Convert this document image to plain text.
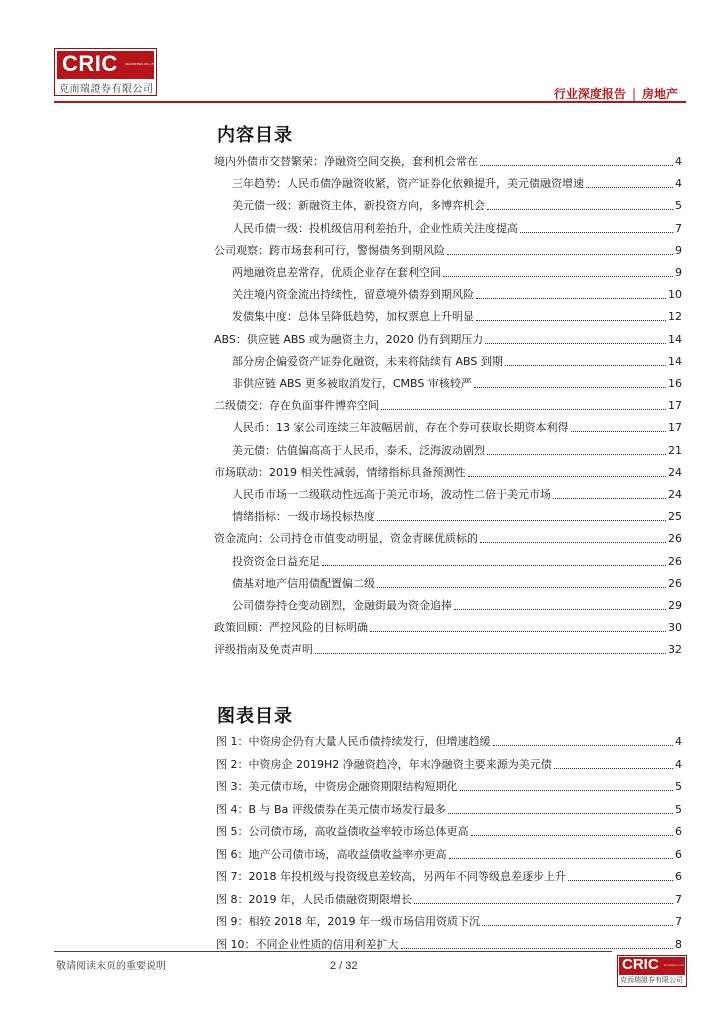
CRIC SECURITIES CO.,LTD
克而瑞證券有限公司	行业深度报告 | 房地产
内容目录
境内外债市交替繁荣：净融资空间交换，套利机会常在	4
三年趋势：人民币债净融资收紧，资产证券化依赖提升，美元债融资增速	4
美元债一级：新融资主体，新投资方向，多博弈机会	5
人民币债一级：投机级信用利差抬升，企业性质关注度提高	7
公司观察：跨市场套利可行，警惕债务到期风险	9
两地融资息差常存，优质企业存在套利空间	9
关注境内资金流出持续性，留意境外债券到期风险	10
发债集中度：总体呈降低趋势，加权票息上升明显	12
ABS：供应链 ABS 或为融资主力，2020 仍有到期压力	14
部分房企偏爱资产证券化融资，未来将陆续有 ABS 到期	14
非供应链 ABS 更多被取消发行，CMBS 审核较严	16
二级债交：存在负面事件博弈空间	17
人民币：13 家公司连续三年波幅居前，存在个券可获取长期资本利得	17
美元债：估值偏高高于人民币，泰禾、泛海波动剧烈	21
市场联动：2019 相关性减弱，情绪指标具备预测性	24
人民币市场一二级联动性远高于美元市场，波动性二倍于美元市场	24
情绪指标：一级市场投标热度	25
资金流向：公司持仓市值变动明显，资金青睐优质标的	26
投资资金日益充足	26
债基对地产信用债配置偏二级	26
公司债券持仓变动剧烈，金融街最为资金追捧	29
政策回顾：严控风险的目标明确	30
评级指南及免责声明	32
图表目录
图 1：中资房企仍有大量人民币债持续发行，但增速趋缓	4
图 2：中资房企 2019H2 净融资趋冷，年末净融资主要来源为美元债	4
图 3：美元债市场，中资房企融资期限结构短期化	5
图 4：B 与 Ba 评级债券在美元债市场发行最多	5
图 5：公司债市场，高收益债收益率较市场总体更高	6
图 6：地产公司债市场，高收益债收益率亦更高	6
图 7：2018 年投机级与投资级息差较高，另两年不同等级息差逐步上升	6
图 8：2019 年，人民币债融资期限增长	7
图 9：相较 2018 年，2019 年一级市场信用资质下沉	7
图 10：不同企业性质的信用利差扩大	8
敬请阅读末页的重要说明	2 / 32	CRIC	SECURITIES CO.,LTD
克而瑞證券有限公司
